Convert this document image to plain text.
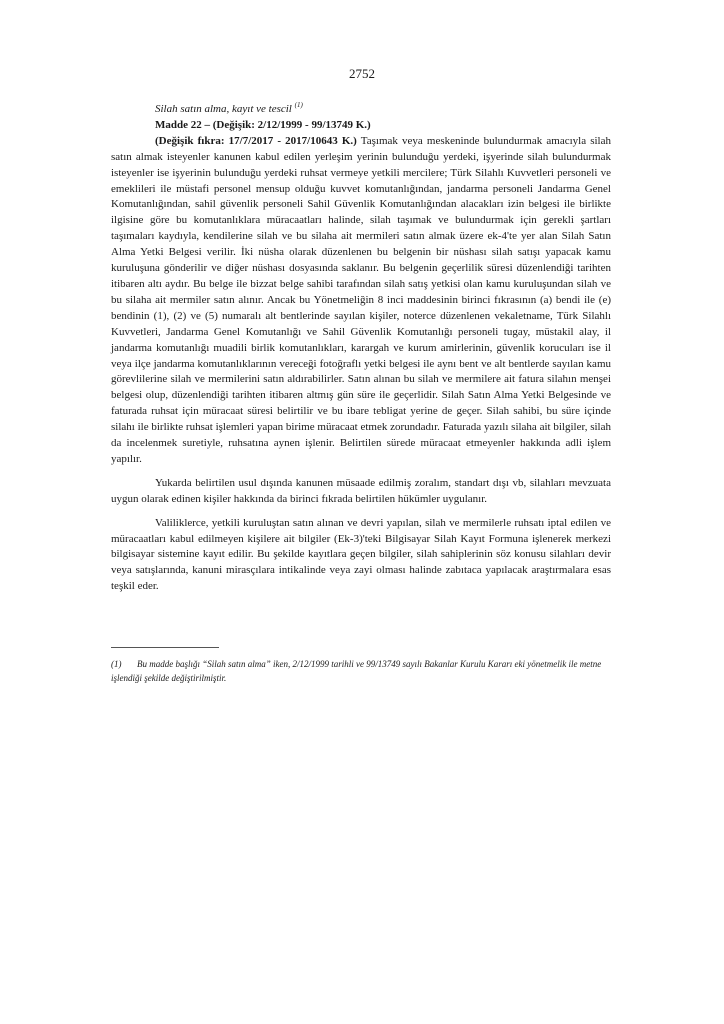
2752
Silah satın alma, kayıt ve tescil $^{(1)}$
Madde 22 – (Değişik: 2/12/1999 - 99/13749 K.)

(Değişik fıkra: 17/7/2017 - 2017/10643 K.) Taşımak veya meskeninde bulundurmak amacıyla silah satın almak isteyenler kanunen kabul edilen yerleşim yerinin bulunduğu yerdeki, işyerinde silah bulundurmak isteyenler ise işyerinin bulunduğu yerdeki ruhsat vermeye yetkili mercilere; Türk Silahlı Kuvvetleri personeli ve emeklileri ile müstafi personel mensup olduğu kuvvet komutanlığından, jandarma personeli Jandarma Genel Komutanlığından, sahil güvenlik personeli Sahil Güvenlik Komutanlığından alacakları izin belgesi ile birlikte ilgisine göre bu komutanlıklara müracaatları halinde, silah taşımak ve bulundurmak için gerekli şartları taşımaları kaydıyla, kendilerine silah ve bu silaha ait mermileri satın almak üzere ek-4'te yer alan Silah Satın Alma Yetki Belgesi verilir. İki nüsha olarak düzenlenen bu belgenin bir nüshası silah satışı yapacak kamu kuruluşuna gönderilir ve diğer nüshası dosyasında saklanır. Bu belgenin geçerlilik süresi düzenlendiği tarihten itibaren altı aydır. Bu belge ile bizzat belge sahibi tarafından silah satış yetkisi olan kamu kuruluşundan silah ve bu silaha ait mermiler satın alınır. Ancak bu Yönetmeliğin 8 inci maddesinin birinci fıkrasının (a) bendi ile (e) bendinin (1), (2) ve (5) numaralı alt bentlerinde sayılan kişiler, noterce düzenlenen vekaletname, Türk Silahlı Kuvvetleri, Jandarma Genel Komutanlığı ve Sahil Güvenlik Komutanlığı personeli tugay, müstakil alay, il jandarma komutanlığı muadili birlik komutanlıkları, karargah ve kurum amirlerinin, güvenlik korucuları ise il veya ilçe jandarma komutanlıklarının vereceği fotoğraflı yetki belgesi ile aynı bent ve alt bentlerde sayılan kamu görevlilerine silah ve mermilerini satın aldırabilirler. Satın alınan bu silah ve mermilere ait fatura silahın menşei belgesi olup, düzenlendiği tarihten itibaren altmış gün süre ile geçerlidir. Silah Satın Alma Yetki Belgesinde ve faturada ruhsat için müracaat süresi belirtilir ve bu ibare tebligat yerine de geçer. Silah sahibi, bu süre içinde silahı ile birlikte ruhsat işlemleri yapan birime müracaat etmek zorundadır. Faturada yazılı silaha ait bilgiler, silah da incelenmek suretiyle, ruhsatına aynen işlenir. Belirtilen sürede müracaat etmeyenler hakkında adli işlem yapılır.

Yukarda belirtilen usul dışında kanunen müsaade edilmiş zoralım, standart dışı vb, silahları mevzuata uygun olarak edinen kişiler hakkında da birinci fıkrada belirtilen hükümler uygulanır.

Valiliklerce, yetkili kuruluştan satın alınan ve devri yapılan, silah ve mermilerle ruhsatı iptal edilen ve müracaatları kabul edilmeyen kişilere ait bilgiler (Ek-3)'teki Bilgisayar Silah Kayıt Formuna işlenerek merkezi bilgisayar sistemine kayıt edilir. Bu şekilde kayıtlara geçen bilgiler, silah sahiplerinin söz konusu silahları devir veya satışlarında, kanuni mirasçılara intikalinde veya zayi olması halinde zabıtaca yapılacak araştırmalara esas teşkil eder.

(1) Bu madde başlığı “Silah satın alma” iken, 2/12/1999 tarihli ve 99/13749 sayılı Bakanlar Kurulu Kararı eki yönetmelik ile metne işlendiği şekilde değiştirilmiştir.
